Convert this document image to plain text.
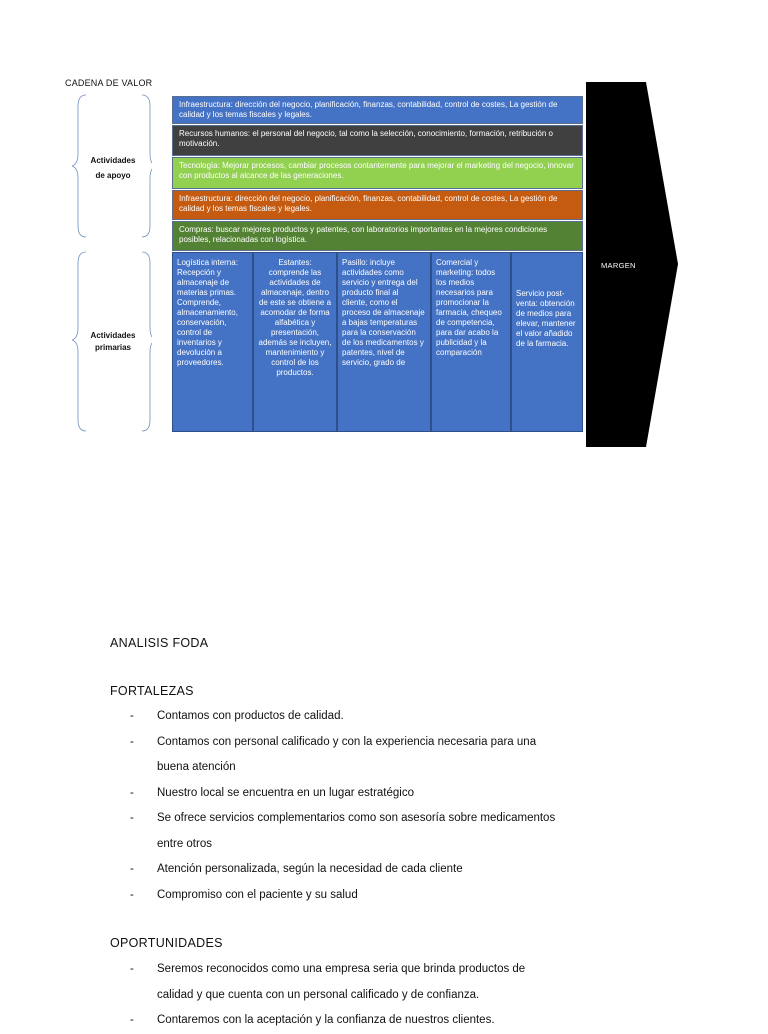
CADENA DE VALOR
Actividades
de apoyo
Actividades
primarias
Infraestructura: dirección del negocio, planificación, finanzas, contabilidad, control de costes, La gestión de calidad y los temas fiscales y legales.
Recursos humanos: el personal del negocio, tal como la selección, conocimiento, formación, retribución o motivación.
Tecnología: Mejorar procesos, cambiar procesos contantemente para mejorar el marketing del negocio, innovar con productos al alcance de las generaciones.
Infraestructura: dirección del negocio, planificación, finanzas, contabilidad, control de costes, La gestión de calidad y los temas fiscales y legales.
Compras: buscar mejores productos y patentes, con laboratorios importantes en la mejores condiciones posibles, relacionadas con logística.
Logística interna: Recepción y almacenaje de materias primas. Comprende, almacenamiento, conservación, control de inventarios y devolución a proveedores.
Estantes: comprende las actividades de almacenaje, dentro de este se obtiene a acomodar de forma alfabética y presentación, además se incluyen, mantenimiento y control de los productos.
Pasillo: incluye actividades como servicio y entrega del producto final al cliente, como el proceso de almacenaje a bajas temperaturas para la conservación de los medicamentos y patentes, nivel de servicio, grado de
Comercial y marketing: todos los medios necesarios para promocionar la farmacia, chequeo de competencia, para dar acabo la publicidad y la comparación
Servicio post-venta: obtención de medios para elevar, mantener el valor añadido de la farmacia.
MARGEN
ANALISIS FODA
FORTALEZAS
- Contamos con productos de calidad.
- Contamos con personal calificado y con la experiencia necesaria para una
buena atención
- Nuestro local se encuentra en un lugar estratégico
- Se ofrece servicios complementarios como son asesoría sobre medicamentos
entre otros
- Atención personalizada, según la necesidad de cada cliente
- Compromiso con el paciente y su salud
OPORTUNIDADES
- Seremos reconocidos como una empresa seria que brinda productos de
calidad y que cuenta con un personal calificado y de confianza.
- Contaremos con la aceptación y la confianza de nuestros clientes.
